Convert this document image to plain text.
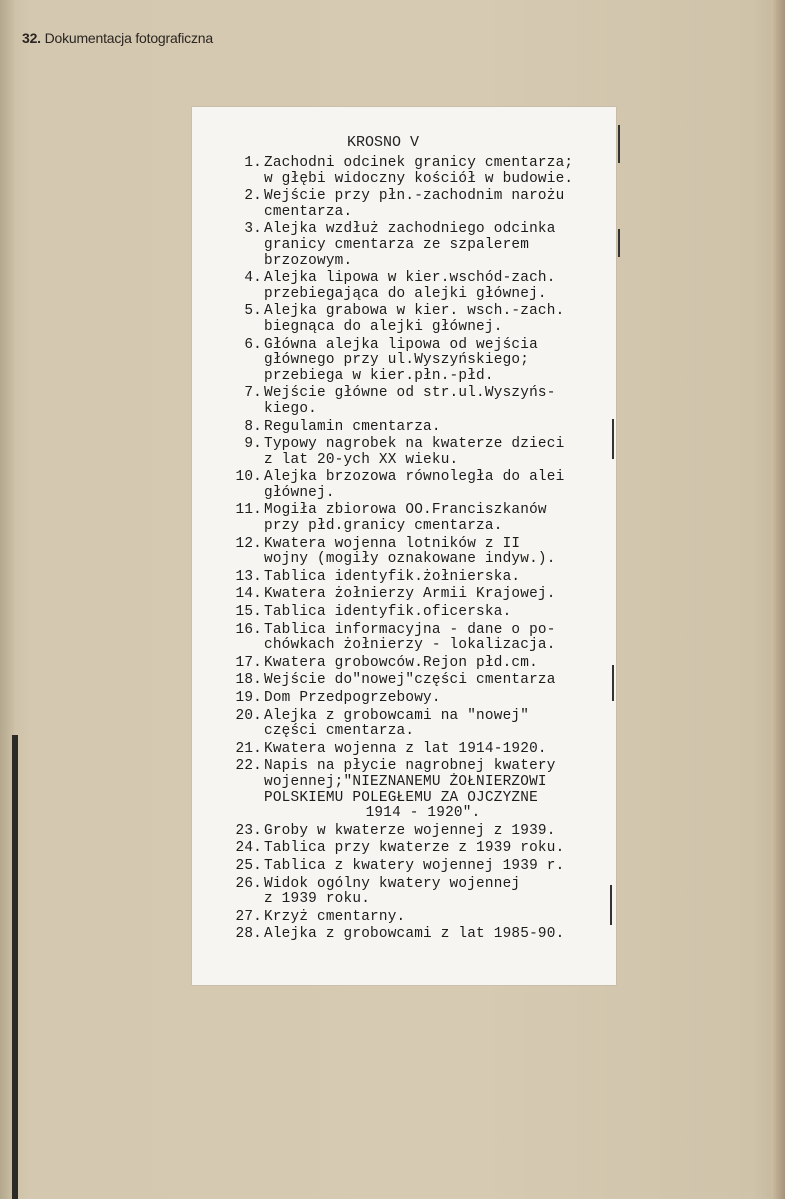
32. Dokumentacja fotograficzna
KROSNO V
1. Zachodni odcinek granicy cmentarza;
w głębi widoczny kościół w budowie.
2. Wejście przy płn.-zachodnim narożu
cmentarza.
3. Alejka wzdłuż zachodniego odcinka
granicy cmentarza ze szpalerem
brzozowym.
4. Alejka lipowa w kier.wschód-zach.
przebiegająca do alejki głównej.
5. Alejka grabowa w kier. wsch.-zach.
biegnąca do alejki głównej.
6. Główna alejka lipowa od wejścia
głównego przy ul.Wyszyńskiego;
przebiega w kier.płn.-płd.
7. Wejście główne od str.ul.Wyszyńs-
kiego.
8. Regulamin cmentarza.
9. Typowy nagrobek na kwaterze dzieci
z lat 20-ych XX wieku.
10. Alejka brzozowa równoległa do alei
głównej.
11. Mogiła zbiorowa OO.Franciszkanów
przy płd.granicy cmentarza.
12. Kwatera wojenna lotników z II
wojny (mogiły oznakowane indyw.).
13. Tablica identyfik.żołnierska.
14. Kwatera żołnierzy Armii Krajowej.
15. Tablica identyfik.oficerska.
16. Tablica informacyjna - dane o po-
chówkach żołnierzy - lokalizacja.
17. Kwatera grobowców.Rejon płd.cm.
18. Wejście do"nowej"części cmentarza
19. Dom Przedpogrzebowy.
20. Alejka z grobowcami na "nowej"
części cmentarza.
21. Kwatera wojenna z lat 1914-1920.
22. Napis na płycie nagrobnej kwatery
wojennej;"NIEZNANEMU ŻOŁNIERZOWI
POLSKIEMU POLEGŁEMU ZA OJCZYZNE
1914 - 1920".
23. Groby w kwaterze wojennej z 1939.
24. Tablica przy kwaterze z 1939 roku.
25. Tablica z kwatery wojennej 1939 r.
26. Widok ogólny kwatery wojennej
z 1939 roku.
27. Krzyż cmentarny.
28. Alejka z grobowcami z lat 1985-90.
